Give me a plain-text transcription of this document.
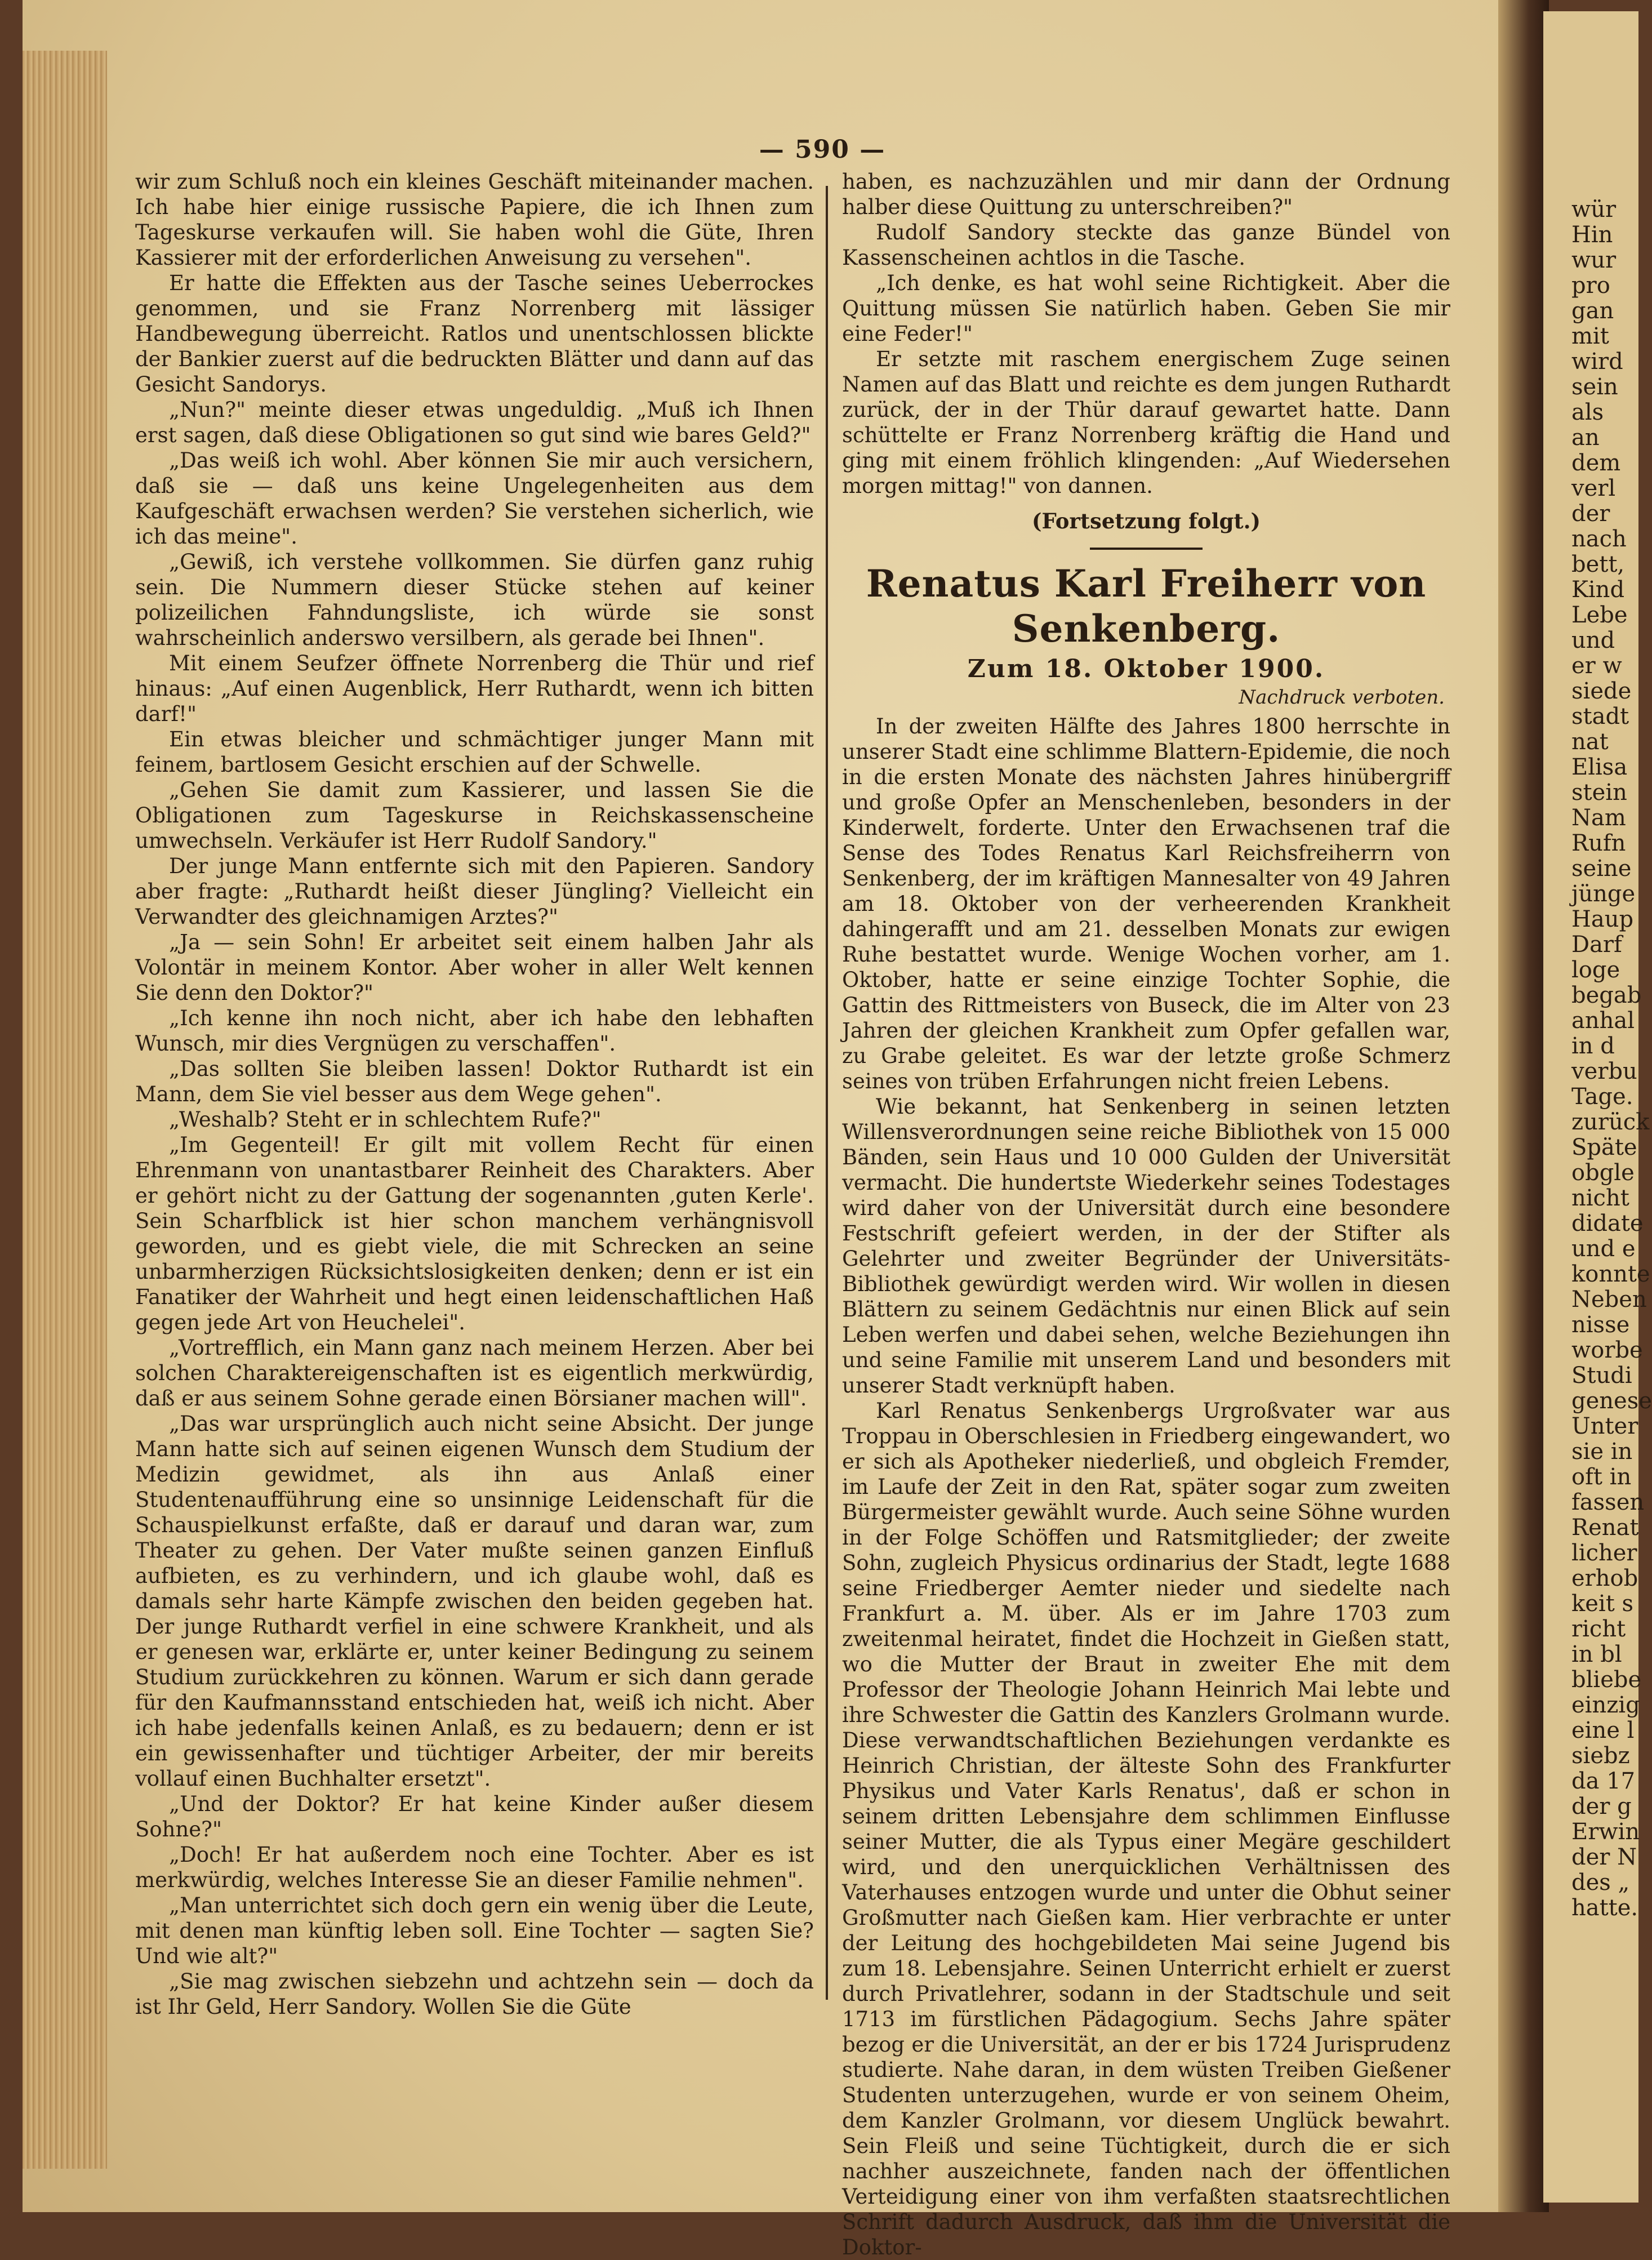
wür
Hin
wur
pro
gan
mit
wird
sein
als
an
dem
verl
der
nach
bett,
Kind
Lebe
und
er w
siede
stadt
nat
Elisa
stein
Nam
Rufn
seine
jünge
Haup
Darf
loge
begab
anhal
in d
verbu
Tage.
zurück
Späte
obgle
nicht
didate
und e
konnte
Neben
nisse
worbe
Studi
genese
Unter
sie in
oft in
fassen
Renat
licher
erhob
keit s
richt
in bl
bliebe
einzig
eine l
siebz
da 17
der g
Erwin
der N
des „
hatte.
— 590 —

wir zum Schluß noch ein kleines Geschäft miteinander machen. Ich habe hier einige russische Papiere, die ich Ihnen zum Tageskurse verkaufen will. Sie haben wohl die Güte, Ihren Kassierer mit der erforderlichen Anweisung zu versehen".

Er hatte die Effekten aus der Tasche seines Ueberrockes genommen, und sie Franz Norrenberg mit lässiger Handbewegung überreicht. Ratlos und unentschlossen blickte der Bankier zuerst auf die bedruckten Blätter und dann auf das Gesicht Sandorys.

„Nun?" meinte dieser etwas ungeduldig. „Muß ich Ihnen erst sagen, daß diese Obligationen so gut sind wie bares Geld?"

„Das weiß ich wohl. Aber können Sie mir auch versichern, daß sie — daß uns keine Ungelegenheiten aus dem Kaufgeschäft erwachsen werden? Sie verstehen sicherlich, wie ich das meine".

„Gewiß, ich verstehe vollkommen. Sie dürfen ganz ruhig sein. Die Nummern dieser Stücke stehen auf keiner polizeilichen Fahndungsliste, ich würde sie sonst wahrscheinlich anderswo versilbern, als gerade bei Ihnen".

Mit einem Seufzer öffnete Norrenberg die Thür und rief hinaus: „Auf einen Augenblick, Herr Ruthardt, wenn ich bitten darf!"

Ein etwas bleicher und schmächtiger junger Mann mit feinem, bartlosem Gesicht erschien auf der Schwelle.

„Gehen Sie damit zum Kassierer, und lassen Sie die Obligationen zum Tageskurse in Reichskassenscheine umwechseln. Verkäufer ist Herr Rudolf Sandory."

Der junge Mann entfernte sich mit den Papieren. Sandory aber fragte: „Ruthardt heißt dieser Jüngling? Vielleicht ein Verwandter des gleichnamigen Arztes?"

„Ja — sein Sohn! Er arbeitet seit einem halben Jahr als Volontär in meinem Kontor. Aber woher in aller Welt kennen Sie denn den Doktor?"

„Ich kenne ihn noch nicht, aber ich habe den lebhaften Wunsch, mir dies Vergnügen zu verschaffen".

„Das sollten Sie bleiben lassen! Doktor Ruthardt ist ein Mann, dem Sie viel besser aus dem Wege gehen".

„Weshalb? Steht er in schlechtem Rufe?"

„Im Gegenteil! Er gilt mit vollem Recht für einen Ehrenmann von unantastbarer Reinheit des Charakters. Aber er gehört nicht zu der Gattung der sogenannten ‚guten Kerle'. Sein Scharfblick ist hier schon manchem verhängnisvoll geworden, und es giebt viele, die mit Schrecken an seine unbarmherzigen Rücksichtslosigkeiten denken; denn er ist ein Fanatiker der Wahrheit und hegt einen leidenschaftlichen Haß gegen jede Art von Heuchelei".

„Vortrefflich, ein Mann ganz nach meinem Herzen. Aber bei solchen Charaktereigenschaften ist es eigentlich merkwürdig, daß er aus seinem Sohne gerade einen Börsianer machen will".

„Das war ursprünglich auch nicht seine Absicht. Der junge Mann hatte sich auf seinen eigenen Wunsch dem Studium der Medizin gewidmet, als ihn aus Anlaß einer Studentenaufführung eine so unsinnige Leidenschaft für die Schauspielkunst erfaßte, daß er darauf und daran war, zum Theater zu gehen. Der Vater mußte seinen ganzen Einfluß aufbieten, es zu verhindern, und ich glaube wohl, daß es damals sehr harte Kämpfe zwischen den beiden gegeben hat. Der junge Ruthardt verfiel in eine schwere Krankheit, und als er genesen war, erklärte er, unter keiner Bedingung zu seinem Studium zurückkehren zu können. Warum er sich dann gerade für den Kaufmannsstand entschieden hat, weiß ich nicht. Aber ich habe jedenfalls keinen Anlaß, es zu bedauern; denn er ist ein gewissenhafter und tüchtiger Arbeiter, der mir bereits vollauf einen Buchhalter ersetzt".

„Und der Doktor? Er hat keine Kinder außer diesem Sohne?"

„Doch! Er hat außerdem noch eine Tochter. Aber es ist merkwürdig, welches Interesse Sie an dieser Familie nehmen".

„Man unterrichtet sich doch gern ein wenig über die Leute, mit denen man künftig leben soll. Eine Tochter — sagten Sie? Und wie alt?"

„Sie mag zwischen siebzehn und achtzehn sein — doch da ist Ihr Geld, Herr Sandory. Wollen Sie die Güte

haben, es nachzuzählen und mir dann der Ordnung halber diese Quittung zu unterschreiben?"

Rudolf Sandory steckte das ganze Bündel von Kassenscheinen achtlos in die Tasche.

„Ich denke, es hat wohl seine Richtigkeit. Aber die Quittung müssen Sie natürlich haben. Geben Sie mir eine Feder!"

Er setzte mit raschem energischem Zuge seinen Namen auf das Blatt und reichte es dem jungen Ruthardt zurück, der in der Thür darauf gewartet hatte. Dann schüttelte er Franz Norrenberg kräftig die Hand und ging mit einem fröhlich klingenden: „Auf Wiedersehen morgen mittag!" von dannen.

(Fortsetzung folgt.)
Renatus Karl Freiherr von Senkenberg.
Zum 18. Oktober 1900.
Nachdruck verboten.

In der zweiten Hälfte des Jahres 1800 herrschte in unserer Stadt eine schlimme Blattern-Epidemie, die noch in die ersten Monate des nächsten Jahres hinübergriff und große Opfer an Menschenleben, besonders in der Kinderwelt, forderte. Unter den Erwachsenen traf die Sense des Todes Renatus Karl Reichsfreiherrn von Senkenberg, der im kräftigen Mannesalter von 49 Jahren am 18. Oktober von der verheerenden Krankheit dahingerafft und am 21. desselben Monats zur ewigen Ruhe bestattet wurde. Wenige Wochen vorher, am 1. Oktober, hatte er seine einzige Tochter Sophie, die Gattin des Rittmeisters von Buseck, die im Alter von 23 Jahren der gleichen Krankheit zum Opfer gefallen war, zu Grabe geleitet. Es war der letzte große Schmerz seines von trüben Erfahrungen nicht freien Lebens.

Wie bekannt, hat Senkenberg in seinen letzten Willensverordnungen seine reiche Bibliothek von 15 000 Bänden, sein Haus und 10 000 Gulden der Universität vermacht. Die hundertste Wiederkehr seines Todestages wird daher von der Universität durch eine besondere Festschrift gefeiert werden, in der der Stifter als Gelehrter und zweiter Begründer der Universitäts-Bibliothek gewürdigt werden wird. Wir wollen in diesen Blättern zu seinem Gedächtnis nur einen Blick auf sein Leben werfen und dabei sehen, welche Beziehungen ihn und seine Familie mit unserem Land und besonders mit unserer Stadt verknüpft haben.

Karl Renatus Senkenbergs Urgroßvater war aus Troppau in Oberschlesien in Friedberg eingewandert, wo er sich als Apotheker niederließ, und obgleich Fremder, im Laufe der Zeit in den Rat, später sogar zum zweiten Bürgermeister gewählt wurde. Auch seine Söhne wurden in der Folge Schöffen und Ratsmitglieder; der zweite Sohn, zugleich Physicus ordinarius der Stadt, legte 1688 seine Friedberger Aemter nieder und siedelte nach Frankfurt a. M. über. Als er im Jahre 1703 zum zweitenmal heiratet, findet die Hochzeit in Gießen statt, wo die Mutter der Braut in zweiter Ehe mit dem Professor der Theologie Johann Heinrich Mai lebte und ihre Schwester die Gattin des Kanzlers Grolmann wurde. Diese verwandtschaftlichen Beziehungen verdankte es Heinrich Christian, der älteste Sohn des Frankfurter Physikus und Vater Karls Renatus', daß er schon in seinem dritten Lebensjahre dem schlimmen Einflusse seiner Mutter, die als Typus einer Megäre geschildert wird, und den unerquicklichen Verhältnissen des Vaterhauses entzogen wurde und unter die Obhut seiner Großmutter nach Gießen kam. Hier verbrachte er unter der Leitung des hochgebildeten Mai seine Jugend bis zum 18. Lebensjahre. Seinen Unterricht erhielt er zuerst durch Privatlehrer, sodann in der Stadtschule und seit 1713 im fürstlichen Pädagogium. Sechs Jahre später bezog er die Universität, an der er bis 1724 Jurisprudenz studierte. Nahe daran, in dem wüsten Treiben Gießener Studenten unterzugehen, wurde er von seinem Oheim, dem Kanzler Grolmann, vor diesem Unglück bewahrt. Sein Fleiß und seine Tüchtigkeit, durch die er sich nachher auszeichnete, fanden nach der öffentlichen Verteidigung einer von ihm verfaßten staatsrechtlichen Schrift dadurch Ausdruck, daß ihm die Universität die Doktor-
